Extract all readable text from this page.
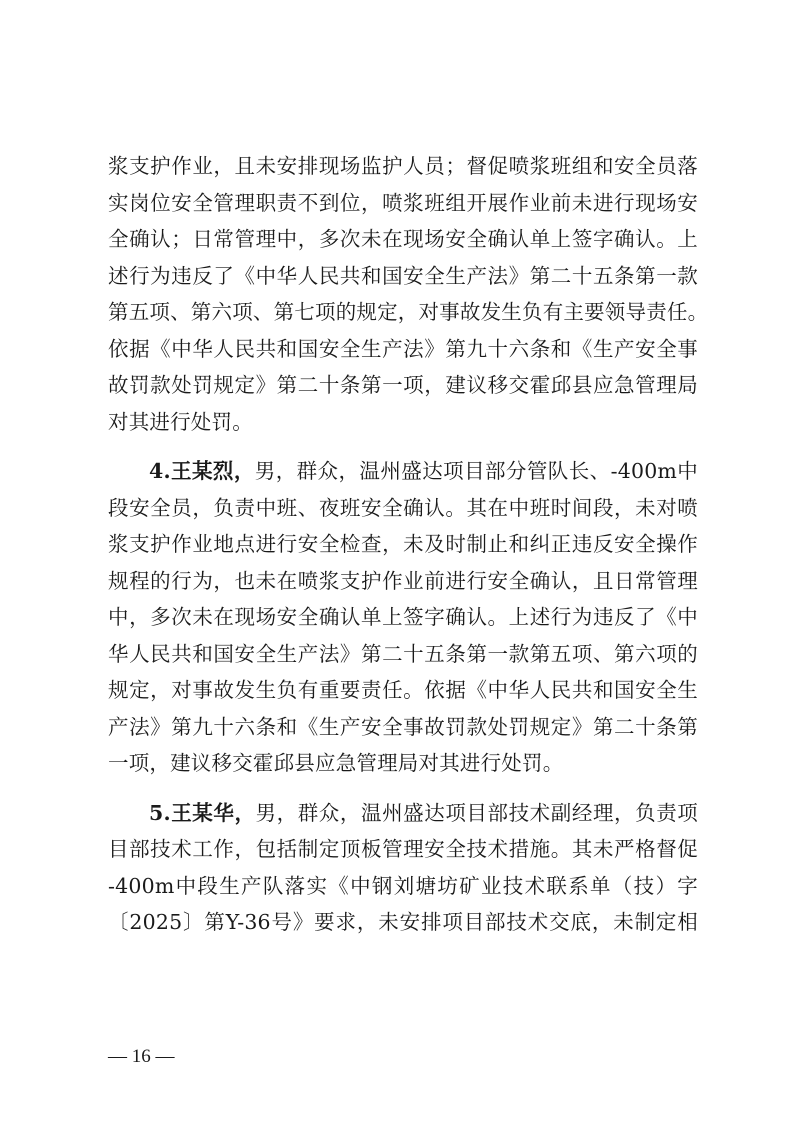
浆支护作业，且未安排现场监护人员；督促喷浆班组和安全员落
实岗位安全管理职责不到位，喷浆班组开展作业前未进行现场安
全确认；日常管理中，多次未在现场安全确认单上签字确认。上
述行为违反了《中华人民共和国安全生产法》第二十五条第一款
第五项、第六项、第七项的规定，对事故发生负有主要领导责任。
依据《中华人民共和国安全生产法》第九十六条和《生产安全事
故罚款处罚规定》第二十条第一项，建议移交霍邱县应急管理局
对其进行处罚。
4.王某烈，男，群众，温州盛达项目部分管队长、-400m中
段安全员，负责中班、夜班安全确认。其在中班时间段，未对喷
浆支护作业地点进行安全检查，未及时制止和纠正违反安全操作
规程的行为，也未在喷浆支护作业前进行安全确认，且日常管理
中，多次未在现场安全确认单上签字确认。上述行为违反了《中
华人民共和国安全生产法》第二十五条第一款第五项、第六项的
规定，对事故发生负有重要责任。依据《中华人民共和国安全生
产法》第九十六条和《生产安全事故罚款处罚规定》第二十条第
一项，建议移交霍邱县应急管理局对其进行处罚。
5.王某华，男，群众，温州盛达项目部技术副经理，负责项
目部技术工作，包括制定顶板管理安全技术措施。其未严格督促
-400m中段生产队落实《中钢刘塘坊矿业技术联系单（技）字
〔2025〕第Y-36号》要求，未安排项目部技术交底，未制定相
— 16 —
